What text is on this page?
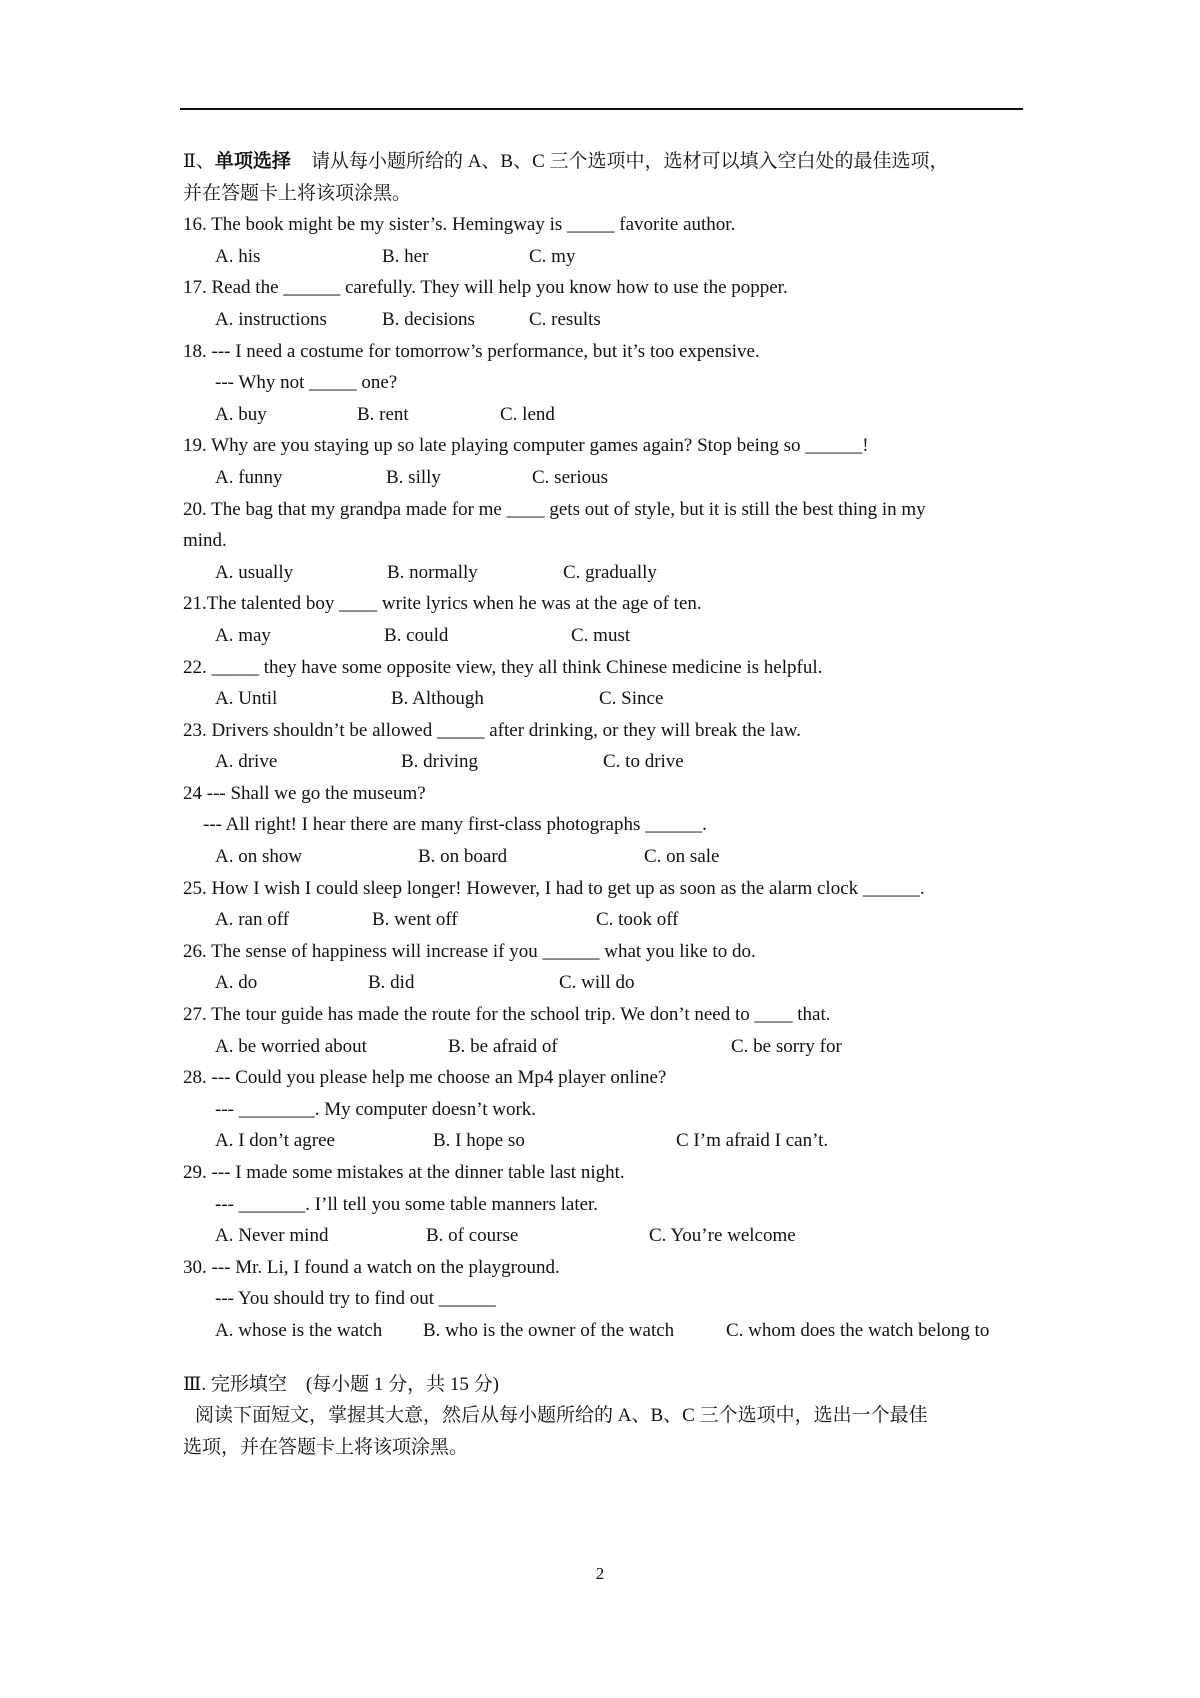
Ⅱ、单项选择 请从每小题所给的 A、B、C 三个选项中，选材可以填入空白处的最佳选项，
并在答题卡上将该项涂黑。
16. The book might be my sister’s. Hemingway is _____ favorite author.
A. his	B. her	C. my
17. Read the ______ carefully. They will help you know how to use the popper.
A. instructions	B. decisions	C. results
18. --- I need a costume for tomorrow’s performance, but it’s too expensive.
--- Why not _____ one?
A. buy	B. rent	C. lend
19. Why are you staying up so late playing computer games again? Stop being so ______!
A. funny	B. silly	C. serious
20. The bag that my grandpa made for me ____ gets out of style, but it is still the best thing in my
mind.
A. usually	B. normally	C. gradually
21.The talented boy ____ write lyrics when he was at the age of ten.
A. may	B. could	C. must
22. _____ they have some opposite view, they all think Chinese medicine is helpful.
A. Until	B. Although	C. Since
23. Drivers shouldn’t be allowed _____ after drinking, or they will break the law.
A. drive	B. driving	C. to drive
24 --- Shall we go the museum?
--- All right! I hear there are many first-class photographs ______.
A. on show	B. on board	C. on sale
25. How I wish I could sleep longer! However, I had to get up as soon as the alarm clock ______.
A. ran off	B. went off	C. took off
26. The sense of happiness will increase if you ______ what you like to do.
A. do	B. did	C. will do
27. The tour guide has made the route for the school trip. We don’t need to ____ that.
A. be worried about	B. be afraid of	C. be sorry for
28. --- Could you please help me choose an Mp4 player online?
--- ________. My computer doesn’t work.
A. I don’t agree	B. I hope so	C I’m afraid I can’t.
29. --- I made some mistakes at the dinner table last night.
--- _______. I’ll tell you some table manners later.
A. Never mind	B. of course	C. You’re welcome
30. --- Mr. Li, I found a watch on the playground.
--- You should try to find out ______
A. whose is the watch B. who is the owner of the watch	C. whom does the watch belong to
Ⅲ. 完形填空　(每小题 1 分，共 15 分)
阅读下面短文，掌握其大意，然后从每小题所给的 A、B、C 三个选项中，选出一个最佳
选项，并在答题卡上将该项涂黑。
2
